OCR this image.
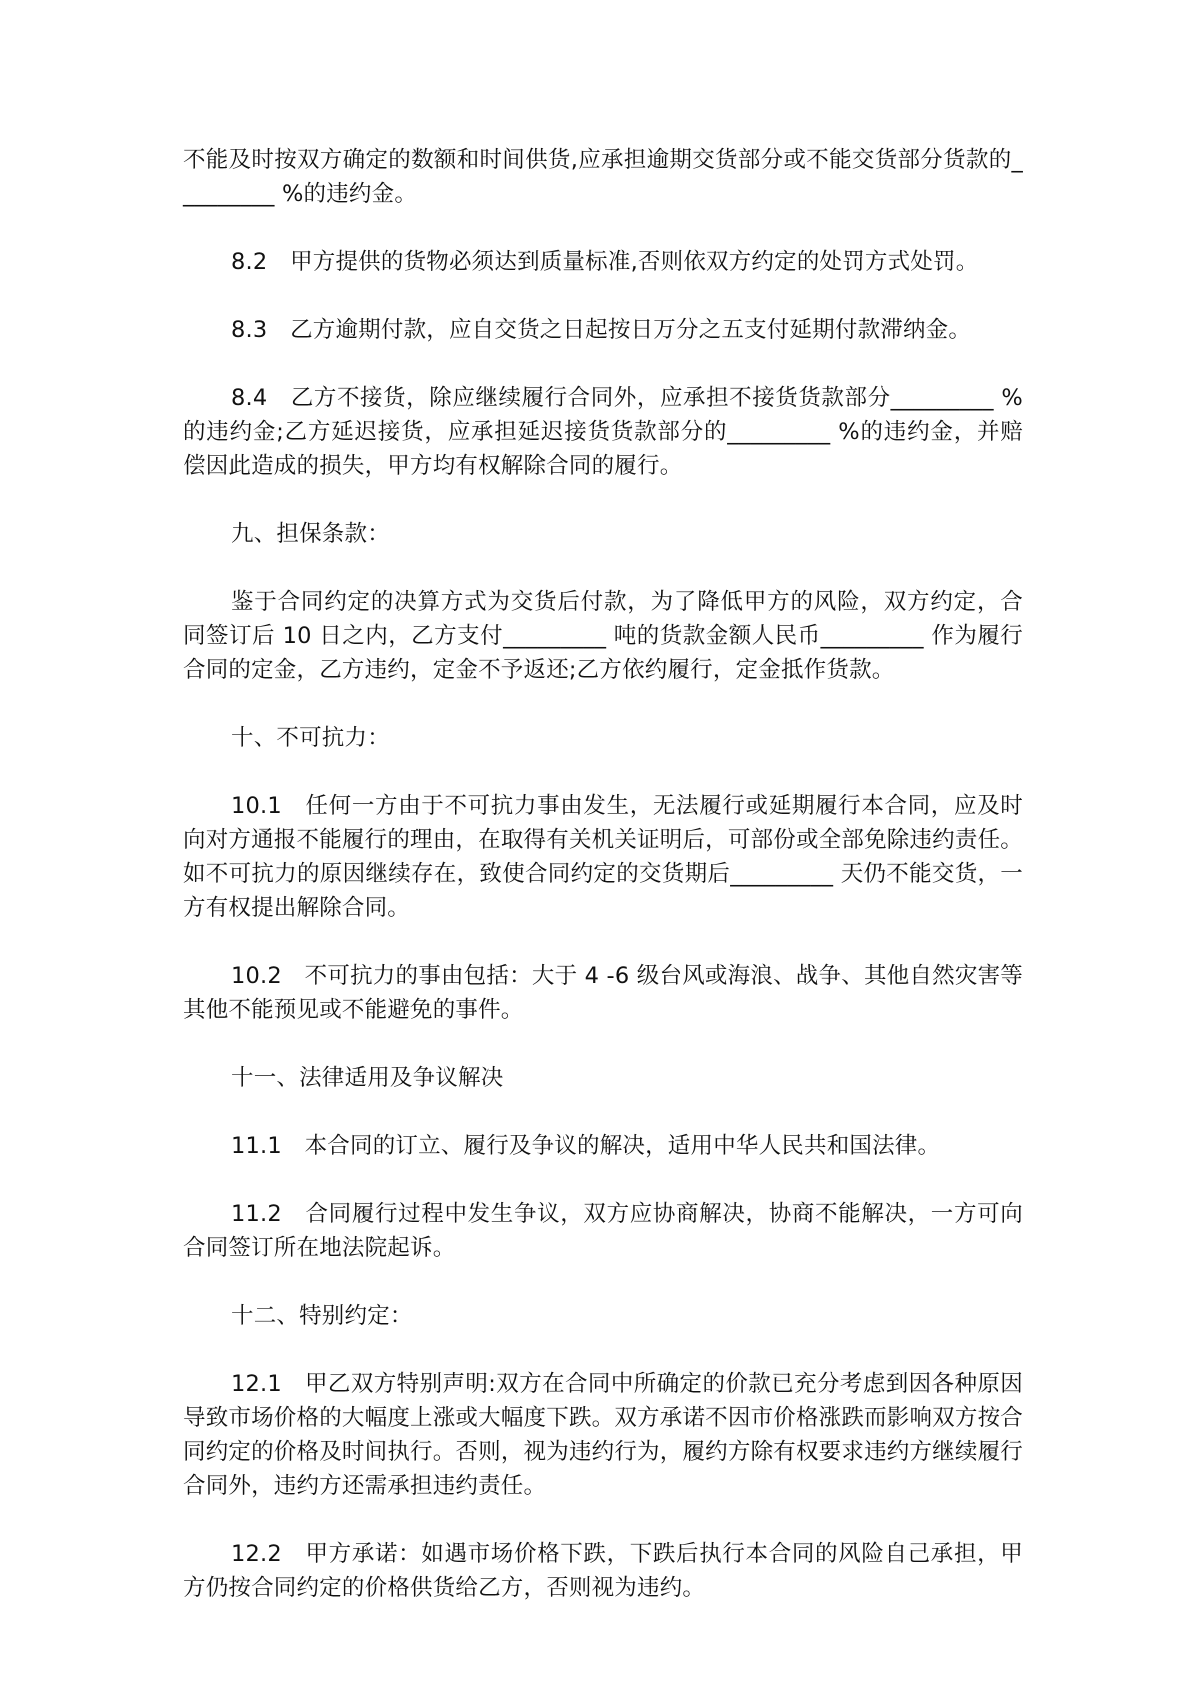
不能及时按双方确定的数额和时间供货,应承担逾期交货部分或不能交货部分货款的_________ %的违约金。

8.2　甲方提供的货物必须达到质量标准,否则依双方约定的处罚方式处罚。

8.3　乙方逾期付款，应自交货之日起按日万分之五支付延期付款滞纳金。

8.4　乙方不接货，除应继续履行合同外，应承担不接货货款部分_________ %的违约金;乙方延迟接货，应承担延迟接货货款部分的_________ %的违约金，并赔偿因此造成的损失，甲方均有权解除合同的履行。

九、担保条款：

鉴于合同约定的决算方式为交货后付款，为了降低甲方的风险，双方约定，合同签订后 10 日之内，乙方支付_________ 吨的货款金额人民币_________ 作为履行合同的定金，乙方违约，定金不予返还;乙方依约履行，定金抵作货款。

十、不可抗力：

10.1　任何一方由于不可抗力事由发生，无法履行或延期履行本合同，应及时向对方通报不能履行的理由，在取得有关机关证明后，可部份或全部免除违约责任。如不可抗力的原因继续存在，致使合同约定的交货期后_________ 天仍不能交货，一方有权提出解除合同。

10.2　不可抗力的事由包括：大于 4 -6 级台风或海浪、战争、其他自然灾害等其他不能预见或不能避免的事件。

十一、法律适用及争议解决

11.1　本合同的订立、履行及争议的解决，适用中华人民共和国法律。

11.2　合同履行过程中发生争议，双方应协商解决，协商不能解决，一方可向合同签订所在地法院起诉。

十二、特别约定：

12.1　甲乙双方特别声明:双方在合同中所确定的价款已充分考虑到因各种原因导致市场价格的大幅度上涨或大幅度下跌。双方承诺不因市价格涨跌而影响双方按合同约定的价格及时间执行。否则，视为违约行为，履约方除有权要求违约方继续履行合同外，违约方还需承担违约责任。

12.2　甲方承诺：如遇市场价格下跌，下跌后执行本合同的风险自己承担，甲方仍按合同约定的价格供货给乙方，否则视为违约。
